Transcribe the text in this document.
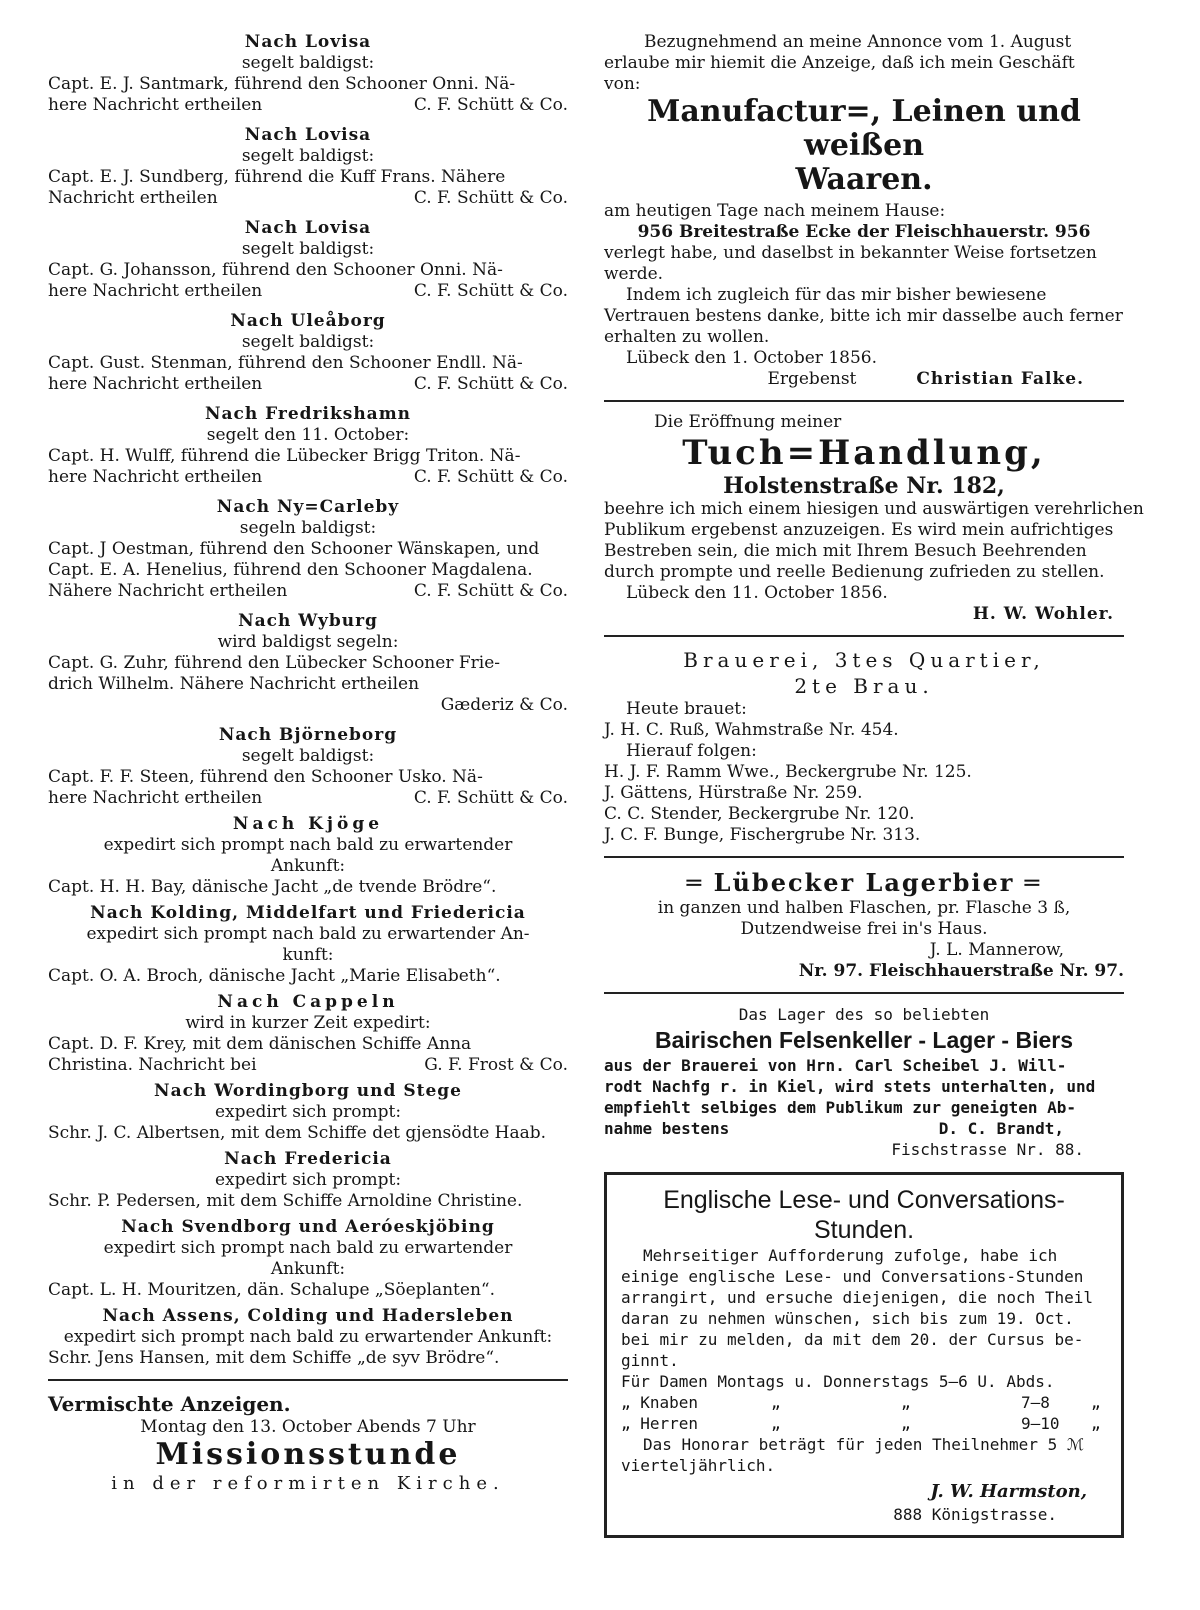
Nach Lovisa
segelt baldigst:
Capt. E. J. Santmark, führend den Schooner Onni. Nä-
here Nachricht ertheilen	C. F. Schütt & Co.
Nach Lovisa
segelt baldigst:
Capt. E. J. Sundberg, führend die Kuff Frans. Nähere
Nachricht ertheilen	C. F. Schütt & Co.
Nach Lovisa
segelt baldigst:
Capt. G. Johansson, führend den Schooner Onni. Nä-
here Nachricht ertheilen	C. F. Schütt & Co.
Nach Uleåborg
segelt baldigst:
Capt. Gust. Stenman, führend den Schooner Endll. Nä-
here Nachricht ertheilen	C. F. Schütt & Co.
Nach Fredrikshamn
segelt den 11. October:
Capt. H. Wulff, führend die Lübecker Brigg Triton. Nä-
here Nachricht ertheilen	C. F. Schütt & Co.
Nach Ny=Carleby
segeln baldigst:
Capt. J Oestman, führend den Schooner Wänskapen, und
Capt. E. A. Henelius, führend den Schooner Magdalena.
Nähere Nachricht ertheilen	C. F. Schütt & Co.
Nach Wyburg
wird baldigst segeln:
Capt. G. Zuhr, führend den Lübecker Schooner Frie-
drich Wilhelm. Nähere Nachricht ertheilen
Gæderiz & Co.
Nach Björneborg
segelt baldigst:
Capt. F. F. Steen, führend den Schooner Usko. Nä-
here Nachricht ertheilen	C. F. Schütt & Co.
Nach Kjöge
expedirt sich prompt nach bald zu erwartender
Ankunft:
Capt. H. H. Bay, dänische Jacht „de tvende Brödre“.
Nach Kolding, Middelfart und Friedericia
expedirt sich prompt nach bald zu erwartender An-
kunft:
Capt. O. A. Broch, dänische Jacht „Marie Elisabeth“.
Nach Cappeln
wird in kurzer Zeit expedirt:
Capt. D. F. Krey, mit dem dänischen Schiffe Anna
Christina. Nachricht bei	G. F. Frost & Co.
Nach Wordingborg und Stege
expedirt sich prompt:
Schr. J. C. Albertsen, mit dem Schiffe det gjensödte Haab.
Nach Fredericia
expedirt sich prompt:
Schr. P. Pedersen, mit dem Schiffe Arnoldine Christine.
Nach Svendborg und Aeróeskjöbing
expedirt sich prompt nach bald zu erwartender
Ankunft:
Capt. L. H. Mouritzen, dän. Schalupe „Söeplanten“.
Nach Assens, Colding und Hadersleben
expedirt sich prompt nach bald zu erwartender Ankunft:
Schr. Jens Hansen, mit dem Schiffe „de syv Brödre“.
Vermischte Anzeigen.
Montag den 13. October Abends 7 Uhr
Missionsstunde
in der reformirten Kirche.
Bezugnehmend an meine Annonce vom 1. August
erlaube mir hiemit die Anzeige, daß ich mein Geschäft
von:
Manufactur=, Leinen und weißen
Waaren.
am heutigen Tage nach meinem Hause:
956 Breitestraße Ecke der Fleischhauerstr. 956
verlegt habe, und daselbst in bekannter Weise fortsetzen
werde.
Indem ich zugleich für das mir bisher bewiesene
Vertrauen bestens danke, bitte ich mir dasselbe auch ferner
erhalten zu wollen.
Lübeck den 1. October 1856.
Ergebenst	Christian Falke.
Die Eröffnung meiner
Tuch=Handlung,
Holstenstraße Nr. 182,
beehre ich mich einem hiesigen und auswärtigen verehrlichen
Publikum ergebenst anzuzeigen. Es wird mein aufrichtiges
Bestreben sein, die mich mit Ihrem Besuch Beehrenden
durch prompte und reelle Bedienung zufrieden zu stellen.
Lübeck den 11. October 1856.
H. W. Wohler.
Brauerei, 3tes Quartier,
2te Brau.
Heute brauet:
J. H. C. Ruß, Wahmstraße Nr. 454.
Hierauf folgen:
H. J. F. Ramm Wwe., Beckergrube Nr. 125.
J. Gättens, Hürstraße Nr. 259.
C. C. Stender, Beckergrube Nr. 120.
J. C. F. Bunge, Fischergrube Nr. 313.
═ Lübecker Lagerbier ═
in ganzen und halben Flaschen, pr. Flasche 3 ß,
Dutzendweise frei in's Haus.
J. L. Mannerow,
Nr. 97. Fleischhauerstraße Nr. 97.
Das Lager des so beliebten
Bairischen Felsenkeller - Lager - Biers
aus der Brauerei von Hrn. Carl Scheibel J. Will-
rodt Nachfg r. in Kiel, wird stets unterhalten, und
empfiehlt selbiges dem Publikum zur geneigten Ab-
nahme bestens	D. C. Brandt,
Fischstrasse Nr. 88.
Englische Lese- und Conversations-
Stunden.
Mehrseitiger Aufforderung zufolge, habe ich
einige englische Lese- und Conversations-Stunden
arrangirt, und ersuche diejenigen, die noch Theil
daran zu nehmen wünschen, sich bis zum 19. Oct.
bei mir zu melden, da mit dem 20. der Cursus be-
ginnt.
Für Damen Montags u. Donnerstags 5—6 U. Abds.
„ Knaben	„	„	7—8	„
„ Herren	„	„	9—10 „
Das Honorar beträgt für jeden Theilnehmer 5 ℳ
vierteljährlich.
J. W. Harmston,
888 Königstrasse.
